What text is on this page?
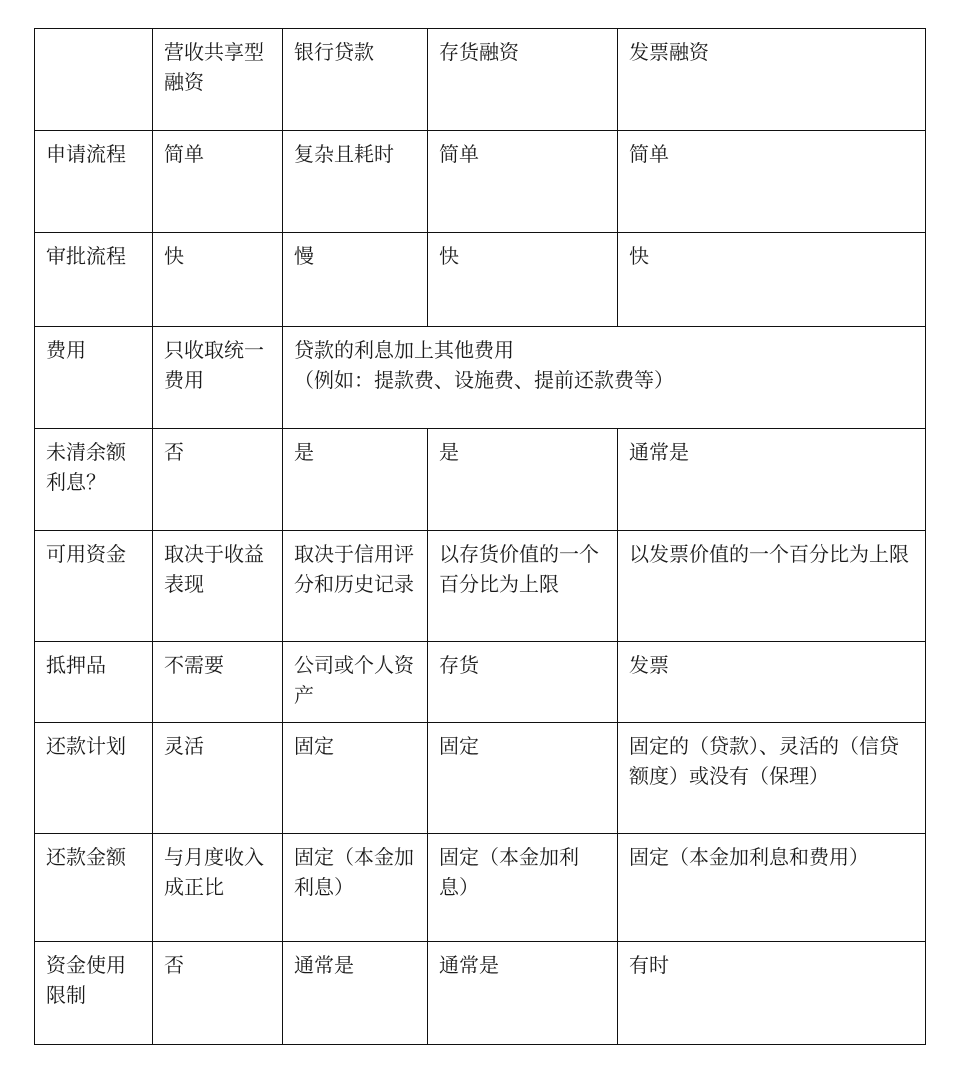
	营收共享型融资	银行贷款	存货融资	发票融资
申请流程	简单	复杂且耗时	简单	简单
审批流程	快	慢	快	快
费用	只收取统一费用	贷款的利息加上其他费用
（例如：提款费、设施费、提前还款费等）		

未清余额利息？	否	是	是	通常是
可用资金	取决于收益表现	取决于信用评分和历史记录	以存货价值的一个百分比为上限	以发票价值的一个百分比为上限
抵押品	不需要	公司或个人资产	存货	发票
还款计划	灵活	固定	固定	固定的（贷款）、灵活的（信贷额度）或没有（保理）
还款金额	与月度收入成正比	固定（本金加利息）	固定（本金加利息）	固定（本金加利息和费用）
资金使用限制	否	通常是	通常是	有时
